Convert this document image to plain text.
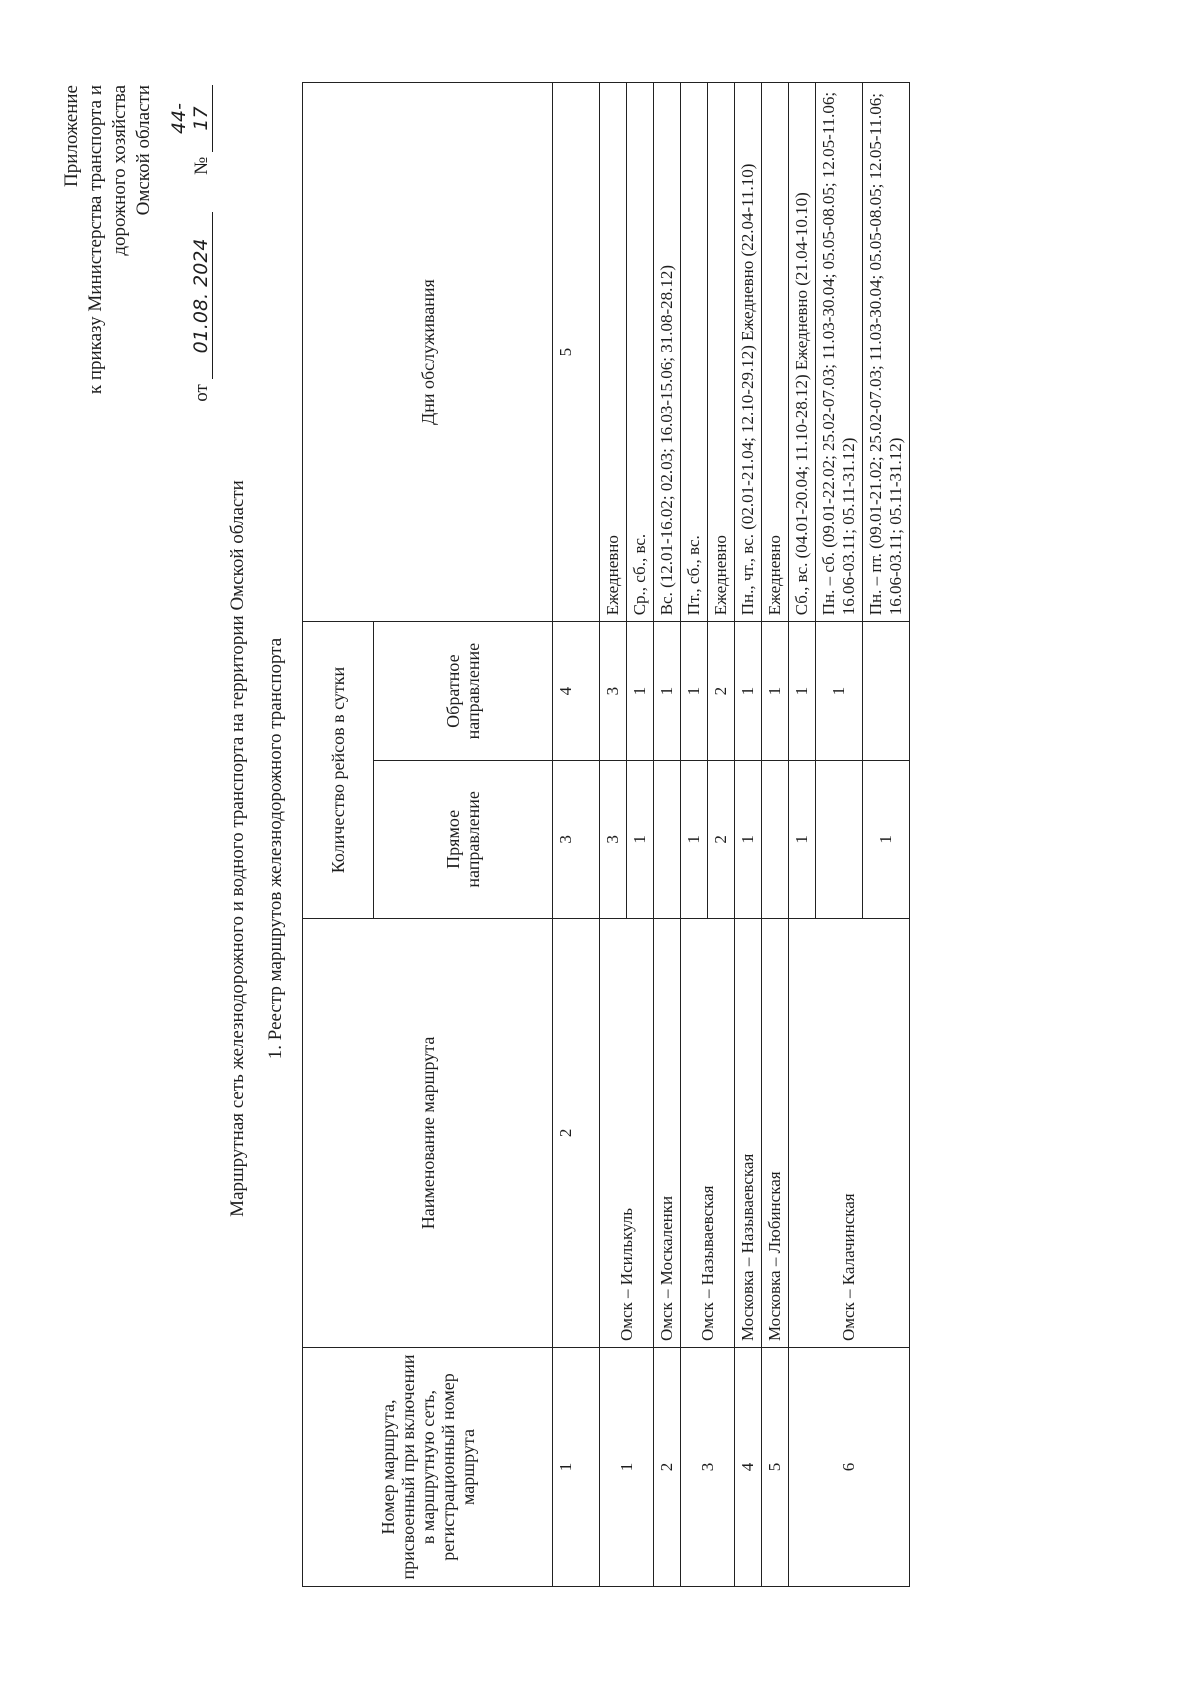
Приложение к приказу Министерства транспорта и дорожного хозяйства Омской области
от 01.08. 2024  № 44-17
Маршрутная сеть железнодорожного и водного транспорта на территории Омской области 1. Реестр маршрутов железнодорожного транспорта
Номер маршрута, присвоенный при включении в маршрутную сеть, регистрационный номер маршрута	Наименование маршрута	Количество рейсов в сутки		Дни обслуживания
		Прямое направление	Обратное направление	
1	2	3	4	5
1	Омск – Исилькуль	3	3	Ежедневно
		1	1	Ср., сб., вс.
2	Омск – Москаленки		1	Вс. (12.01-16.02; 02.03; 16.03-15.06; 31.08-28.12)
3	Омск – Называевская	1	1	Пт., сб., вс.
		2	2	Ежедневно
4	Московка – Называевская	1	1	Пн., чт., вс. (02.01-21.04; 12.10-29.12) Ежедневно (22.04-11.10)
5	Московка – Любинская		1	Ежедневно
6	Омск – Калачинская	1	1	Сб., вс. (04.01-20.04; 11.10-28.12) Ежедневно (21.04-10.10)
			1	Пн. – сб. (09.01-22.02; 25.02-07.03; 11.03-30.04; 05.05-08.05; 12.05-11.06; 16.06-03.11; 05.11-31.12)
		1		Пн. – пт. (09.01-21.02; 25.02-07.03; 11.03-30.04; 05.05-08.05; 12.05-11.06; 16.06-03.11; 05.11-31.12)
